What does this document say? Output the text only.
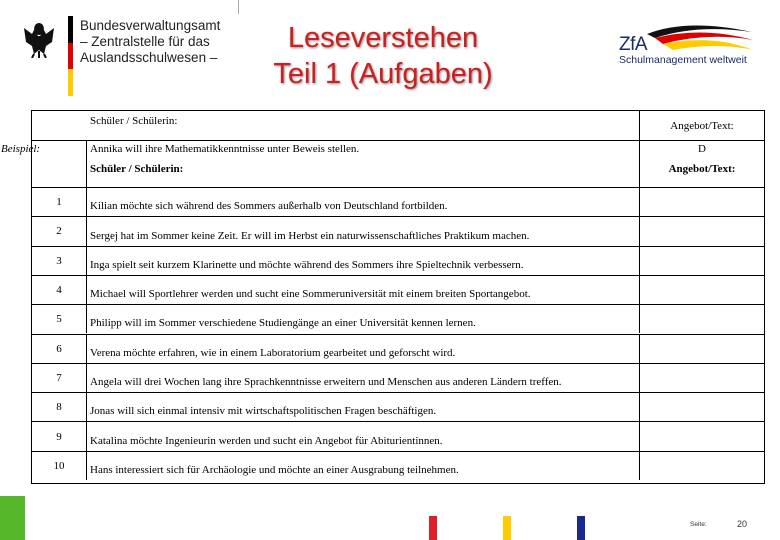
Bundesverwaltungsamt
– Zentralstelle für das
Auslandsschulwesen –
Leseverstehen
Teil 1 (Aufgaben)
ZfA
Schulmanagement weltweit
Schüler / Schülerin:	Angebot/Text:
Beispiel:	Annika will ihre Mathematikkenntnisse unter Beweis stellen.	D
Schüler / Schülerin:	Angebot/Text:
1	Kilian möchte sich während des Sommers außerhalb von Deutschland fortbilden.
2	Sergej hat im Sommer keine Zeit. Er will im Herbst ein naturwissenschaftliches Praktikum machen.
3	Inga spielt seit kurzem Klarinette und möchte während des Sommers ihre Spieltechnik verbessern.
4	Michael will Sportlehrer werden und sucht eine Sommeruniversität mit einem breiten Sportangebot.
5	Philipp will im Sommer verschiedene Studiengänge an einer Universität kennen lernen.
6	Verena möchte erfahren, wie in einem Laboratorium gearbeitet und geforscht wird.
7	Angela will drei Wochen lang ihre Sprachkenntnisse erweitern und Menschen aus anderen Ländern treffen.
8	Jonas will sich einmal intensiv mit wirtschaftspolitischen Fragen beschäftigen.
9	Katalina möchte Ingenieurin werden und sucht ein Angebot für Abiturientinnen.
10	Hans interessiert sich für Archäologie und möchte an einer Ausgrabung teilnehmen.
Seite:	20
